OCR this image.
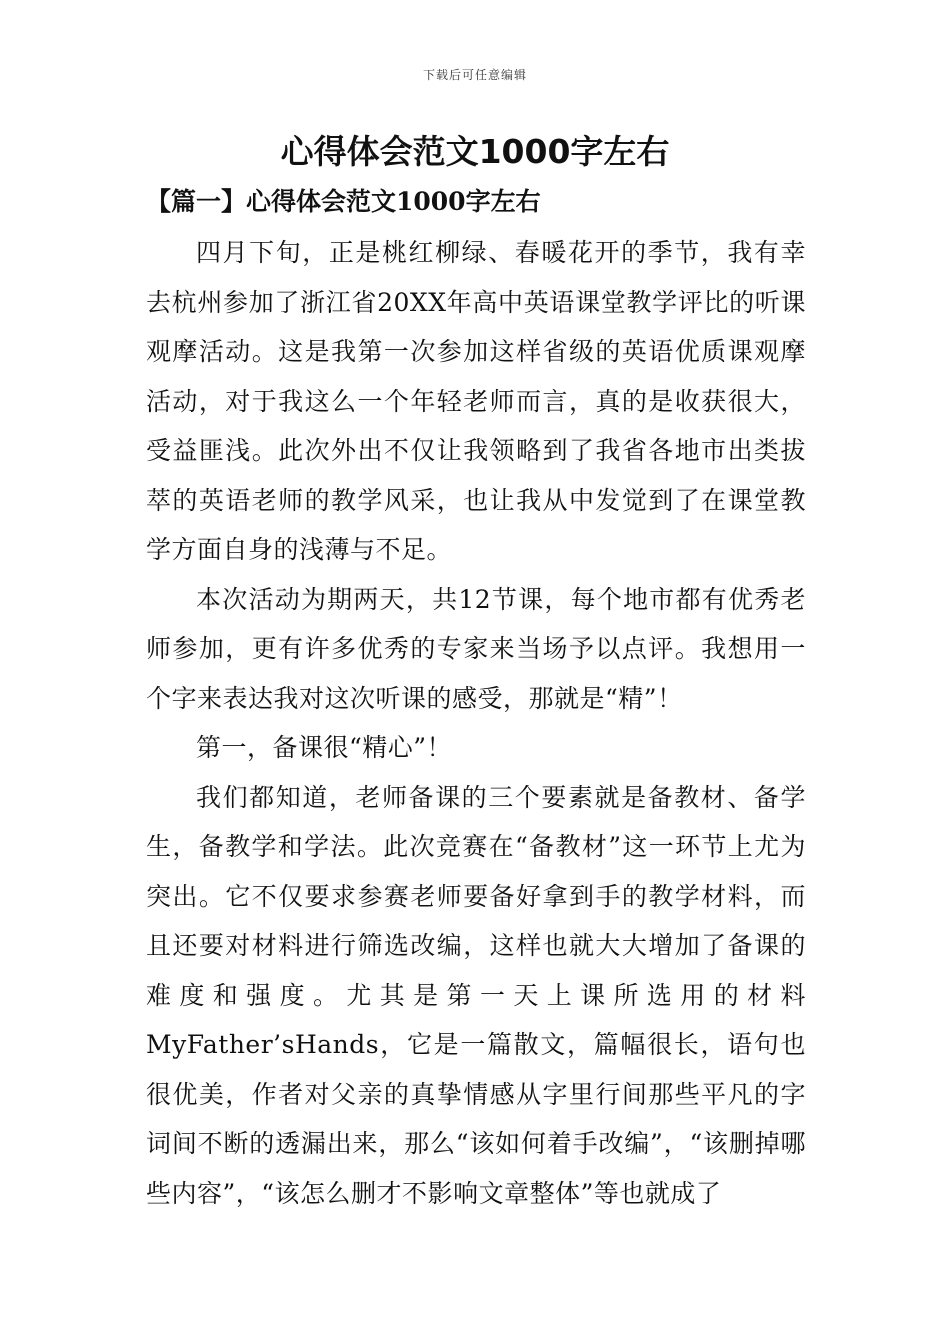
下载后可任意编辑
心得体会范文1000字左右
【篇一】心得体会范文1000字左右

四月下旬，正是桃红柳绿、春暖花开的季节，我有幸去杭州参加了浙江省20XX年高中英语课堂教学评比的听课观摩活动。这是我第一次参加这样省级的英语优质课观摩活动，对于我这么一个年轻老师而言，真的是收获很大，受益匪浅。此次外出不仅让我领略到了我省各地市出类拔萃的英语老师的教学风采，也让我从中发觉到了在课堂教学方面自身的浅薄与不足。

本次活动为期两天，共12节课，每个地市都有优秀老师参加，更有许多优秀的专家来当场予以点评。我想用一个字来表达我对这次听课的感受，那就是“精”！

第一，备课很“精心”！

我们都知道，老师备课的三个要素就是备教材、备学生，备教学和学法。此次竞赛在“备教材”这一环节上尤为突出。它不仅要求参赛老师要备好拿到手的教学材料，而且还要对材料进行筛选改编，这样也就大大增加了备课的难度和强度。尤其是第一天上课所选用的材料MyFather’sHands，它是一篇散文，篇幅很长，语句也很优美，作者对父亲的真挚情感从字里行间那些平凡的字词间不断的透漏出来，那么“该如何着手改编”，“该删掉哪些内容”，“该怎么删才不影响文章整体”等也就成了
